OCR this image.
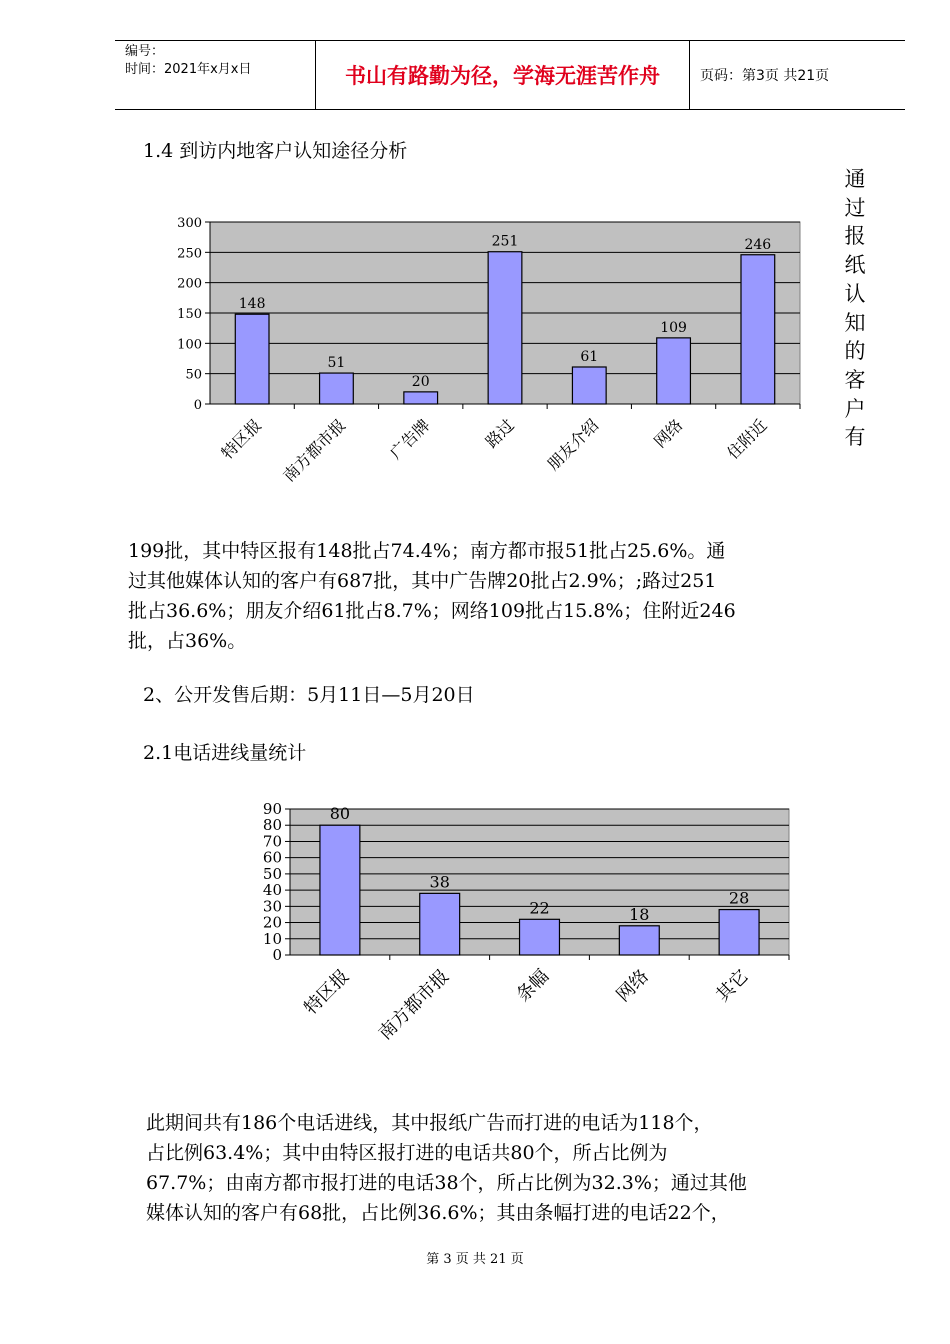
编号：
时间：2021年x月x日	书山有路勤为径，学海无涯苦作舟	页码：第3页 共21页
1.4 到访内地客户认知途径分析
通
过
报
纸
认
知
的
客
户
有
0
50
100
150
200
250
300
148
特区报
51
南方都市报
20
广告牌
251
路过
61
朋友介绍
109
网络
246
住附近

199批，其中特区报有148批占74.4%；南方都市报51批占25.6%。通

过其他媒体认知的客户有687批，其中广告牌20批占2.9%；;路过251

批占36.6%；朋友介绍61批占8.7%；网络109批占15.8%；住附近246

批，占36%。

2、公开发售后期：5月11日—5月20日
2.1电话进线量统计
0
10
20
30
40
50
60
70
80
90	80
特区报
38
南方都市报
22
条幅
18
网络
28
其它

此期间共有186个电话进线，其中报纸广告而打进的电话为118个，

占比例63.4%；其中由特区报打进的电话共80个，所占比例为

67.7%；由南方都市报打进的电话38个，所占比例为32.3%；通过其他

媒体认知的客户有68批，占比例36.6%；其由条幅打进的电话22个，

第 3 页 共 21 页
